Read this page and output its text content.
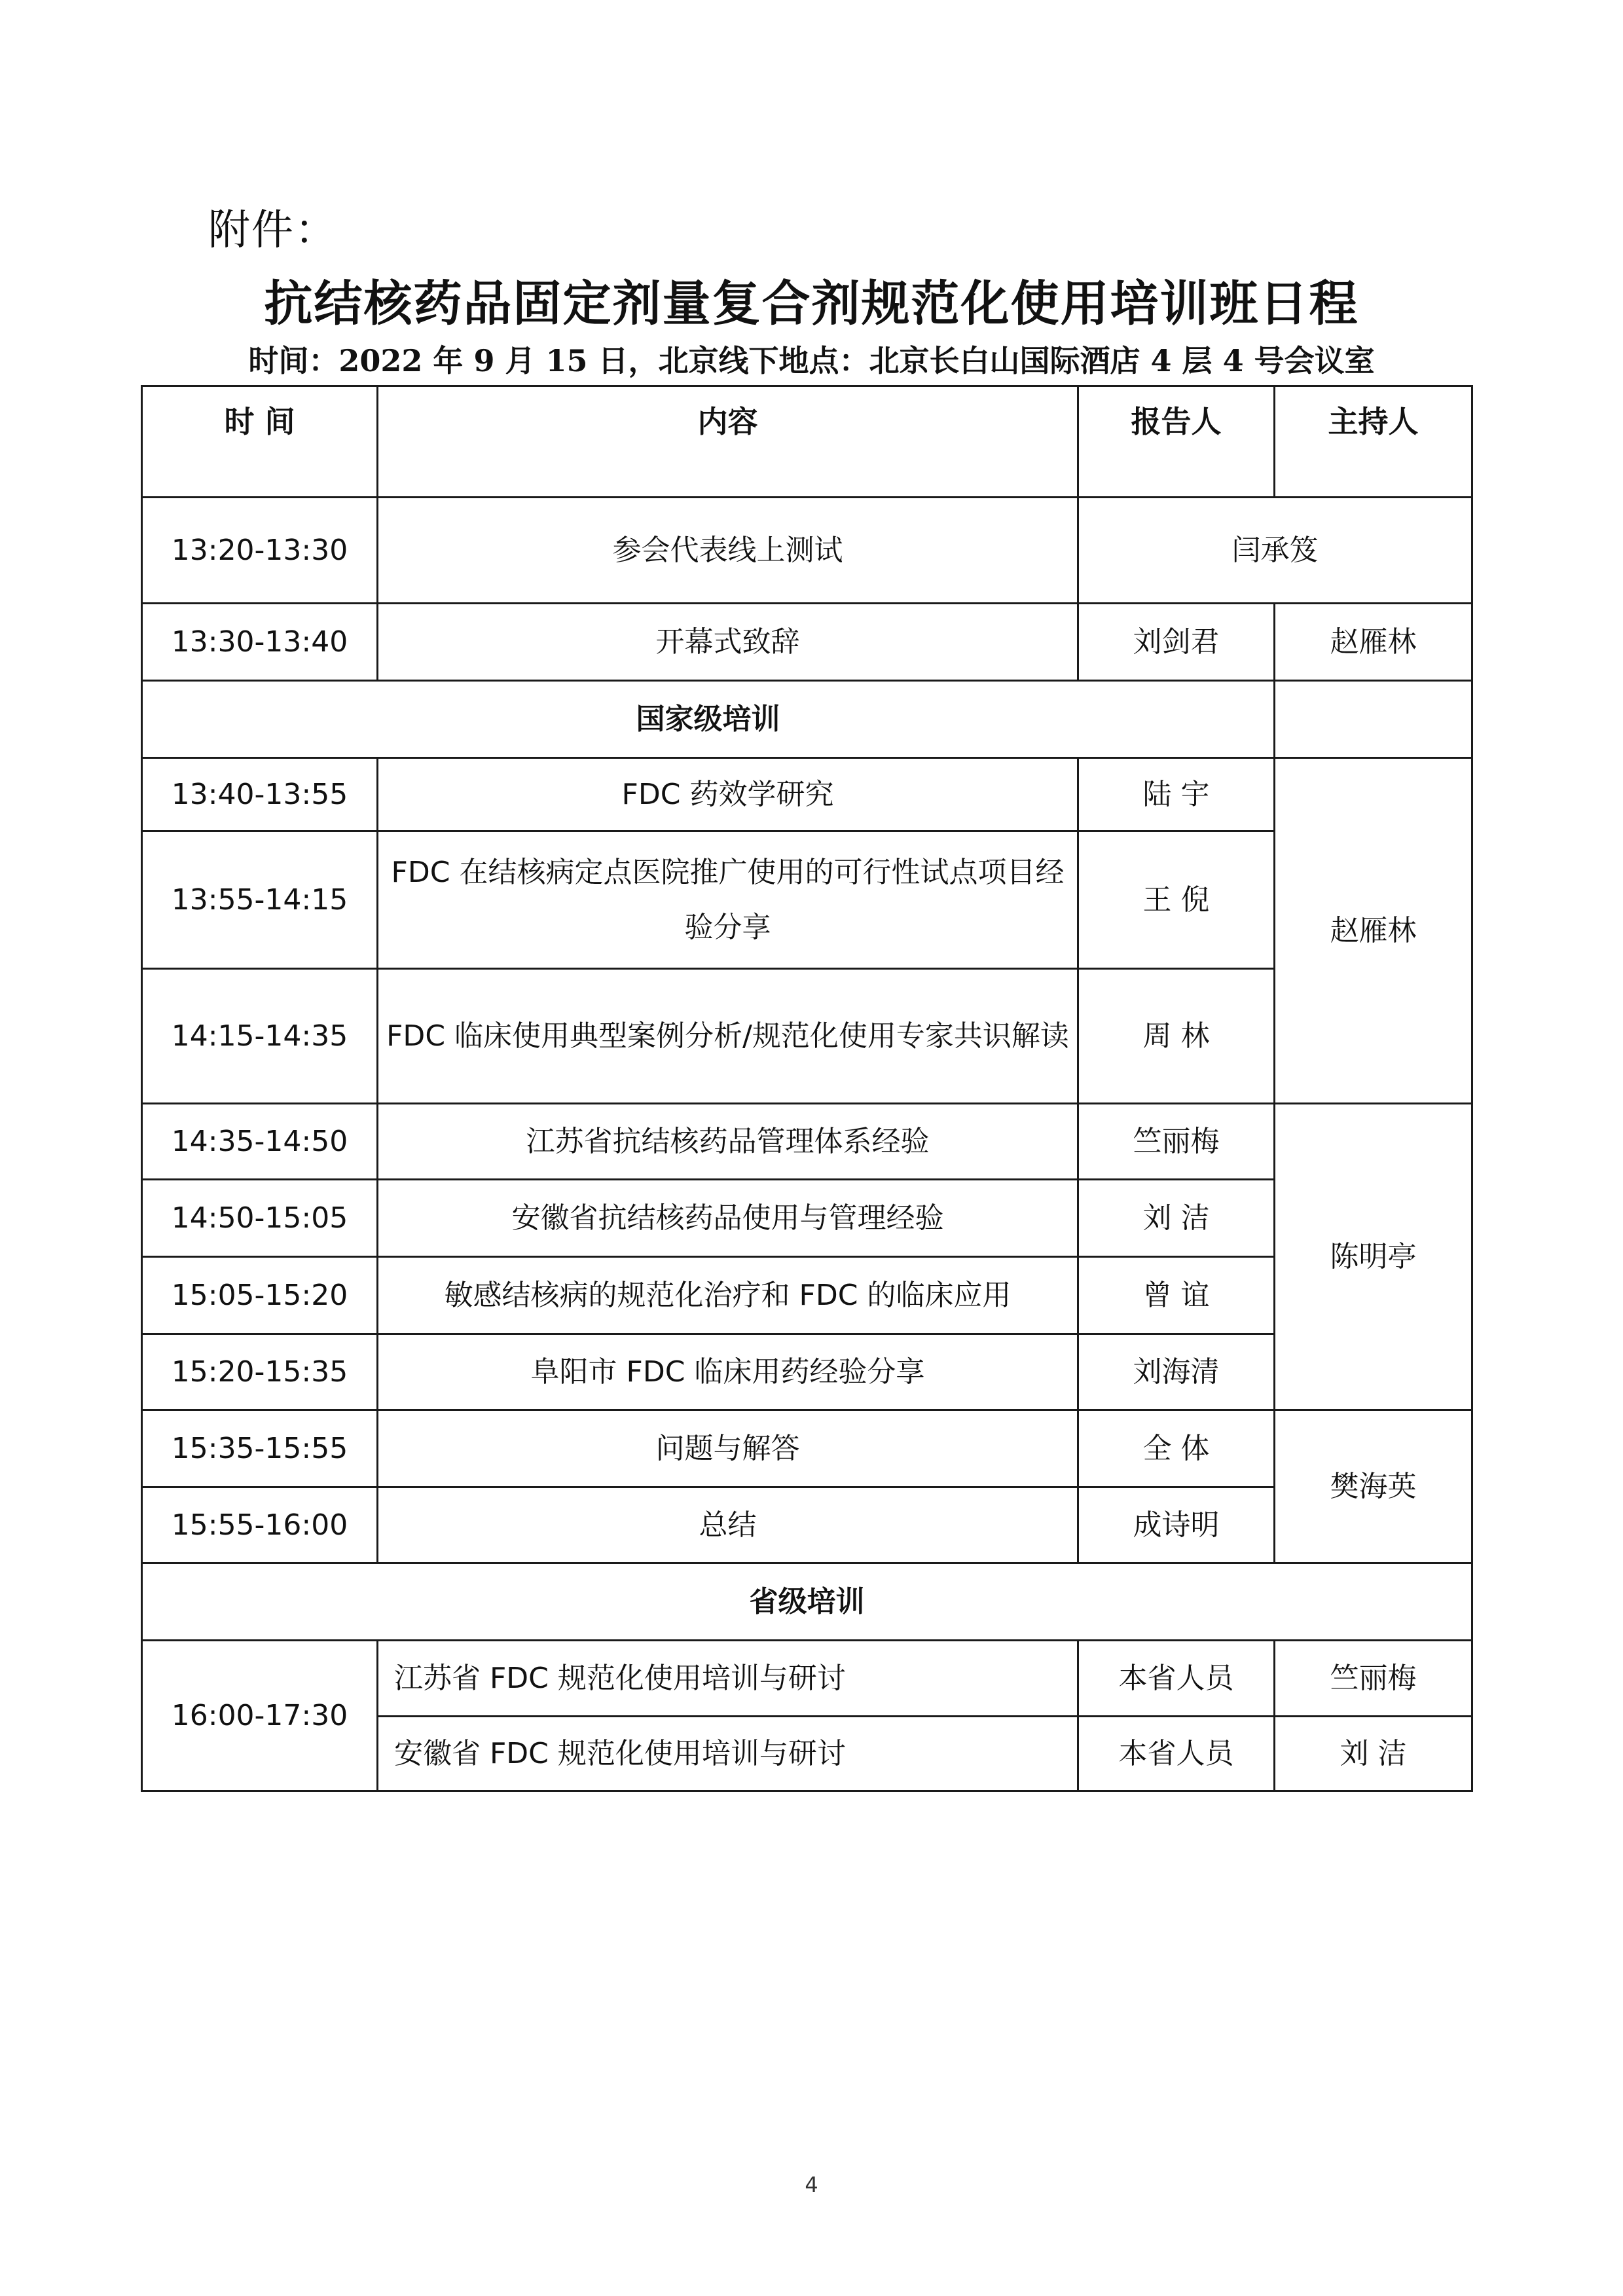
附件：
抗结核药品固定剂量复合剂规范化使用培训班日程
时间：2022 年 9 月 15 日，北京线下地点：北京长白山国际酒店 4 层 4 号会议室
时 间	内容	报告人	主持人
13:20-13:30	参会代表线上测试	闫承笈	
13:30-13:40	开幕式致辞	刘剑君	赵雁林
国家级培训			
13:40-13:55	FDC 药效学研究	陆 宇	赵雁林
13:55-14:15	FDC 在结核病定点医院推广使用的可行性试点项目经验分享	王 倪	
14:15-14:35	FDC 临床使用典型案例分析/规范化使用专家共识解读	周 林	
14:35-14:50	江苏省抗结核药品管理体系经验	竺丽梅	陈明亭
14:50-15:05	安徽省抗结核药品使用与管理经验	刘 洁	
15:05-15:20	敏感结核病的规范化治疗和 FDC 的临床应用	曾 谊	
15:20-15:35	阜阳市 FDC 临床用药经验分享	刘海清	
15:35-15:55	问题与解答	全 体	樊海英
15:55-16:00	总结	成诗明	
省级培训			
16:00-17:30	江苏省 FDC 规范化使用培训与研讨	本省人员	竺丽梅
	安徽省 FDC 规范化使用培训与研讨	本省人员	刘 洁
4
